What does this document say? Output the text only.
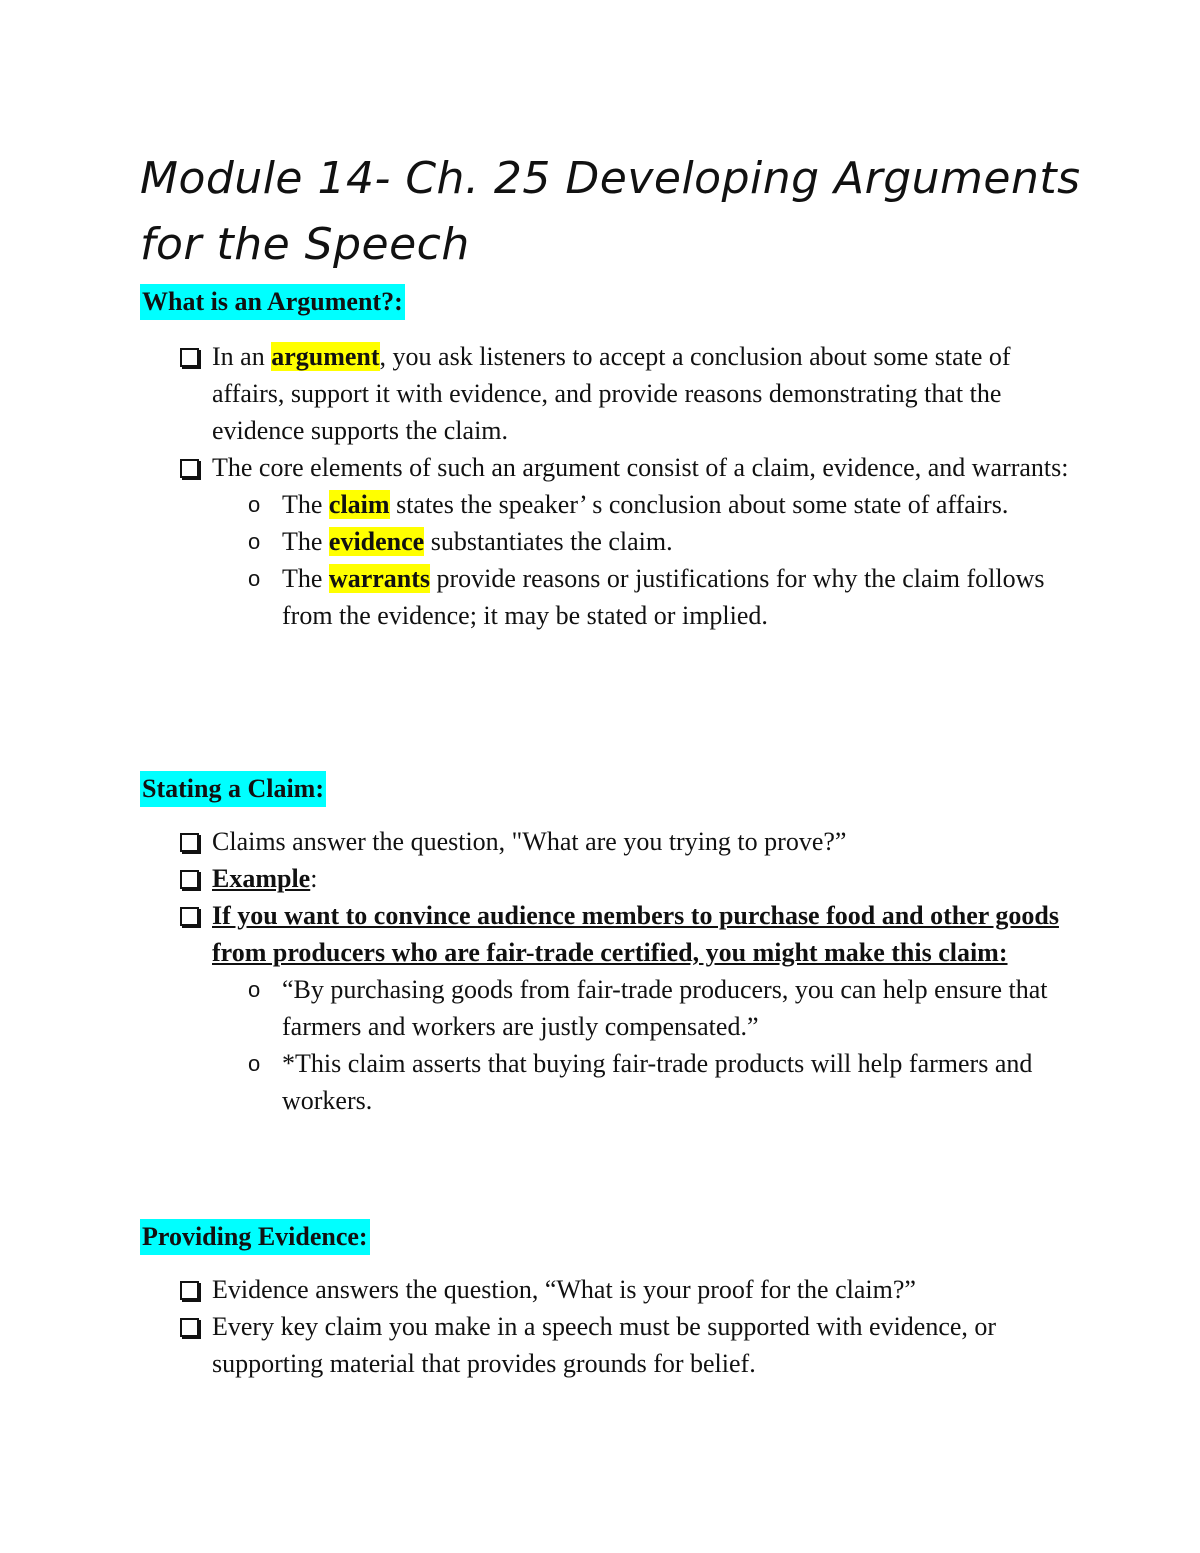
Module 14- Ch. 25 Developing Arguments for the Speech
What is an Argument?:
In an argument, you ask listeners to accept a conclusion about some state of affairs, support it with evidence, and provide reasons demonstrating that the evidence supports the claim.
The core elements of such an argument consist of a claim, evidence, and warrants:
o The claim states the speaker’ s conclusion about some state of affairs.
o The evidence substantiates the claim.
o The warrants provide reasons or justifications for why the claim follows from the evidence; it may be stated or implied.
Stating a Claim:
Claims answer the question, "What are you trying to prove?”
Example:
If you want to convince audience members to purchase food and other goods from producers who are fair-trade certified, you might make this claim:
o “By purchasing goods from fair-trade producers, you can help ensure that farmers and workers are justly compensated.”
o *This claim asserts that buying fair-trade products will help farmers and workers.
Providing Evidence:
Evidence answers the question, “What is your proof for the claim?”
Every key claim you make in a speech must be supported with evidence, or supporting material that provides grounds for belief.
